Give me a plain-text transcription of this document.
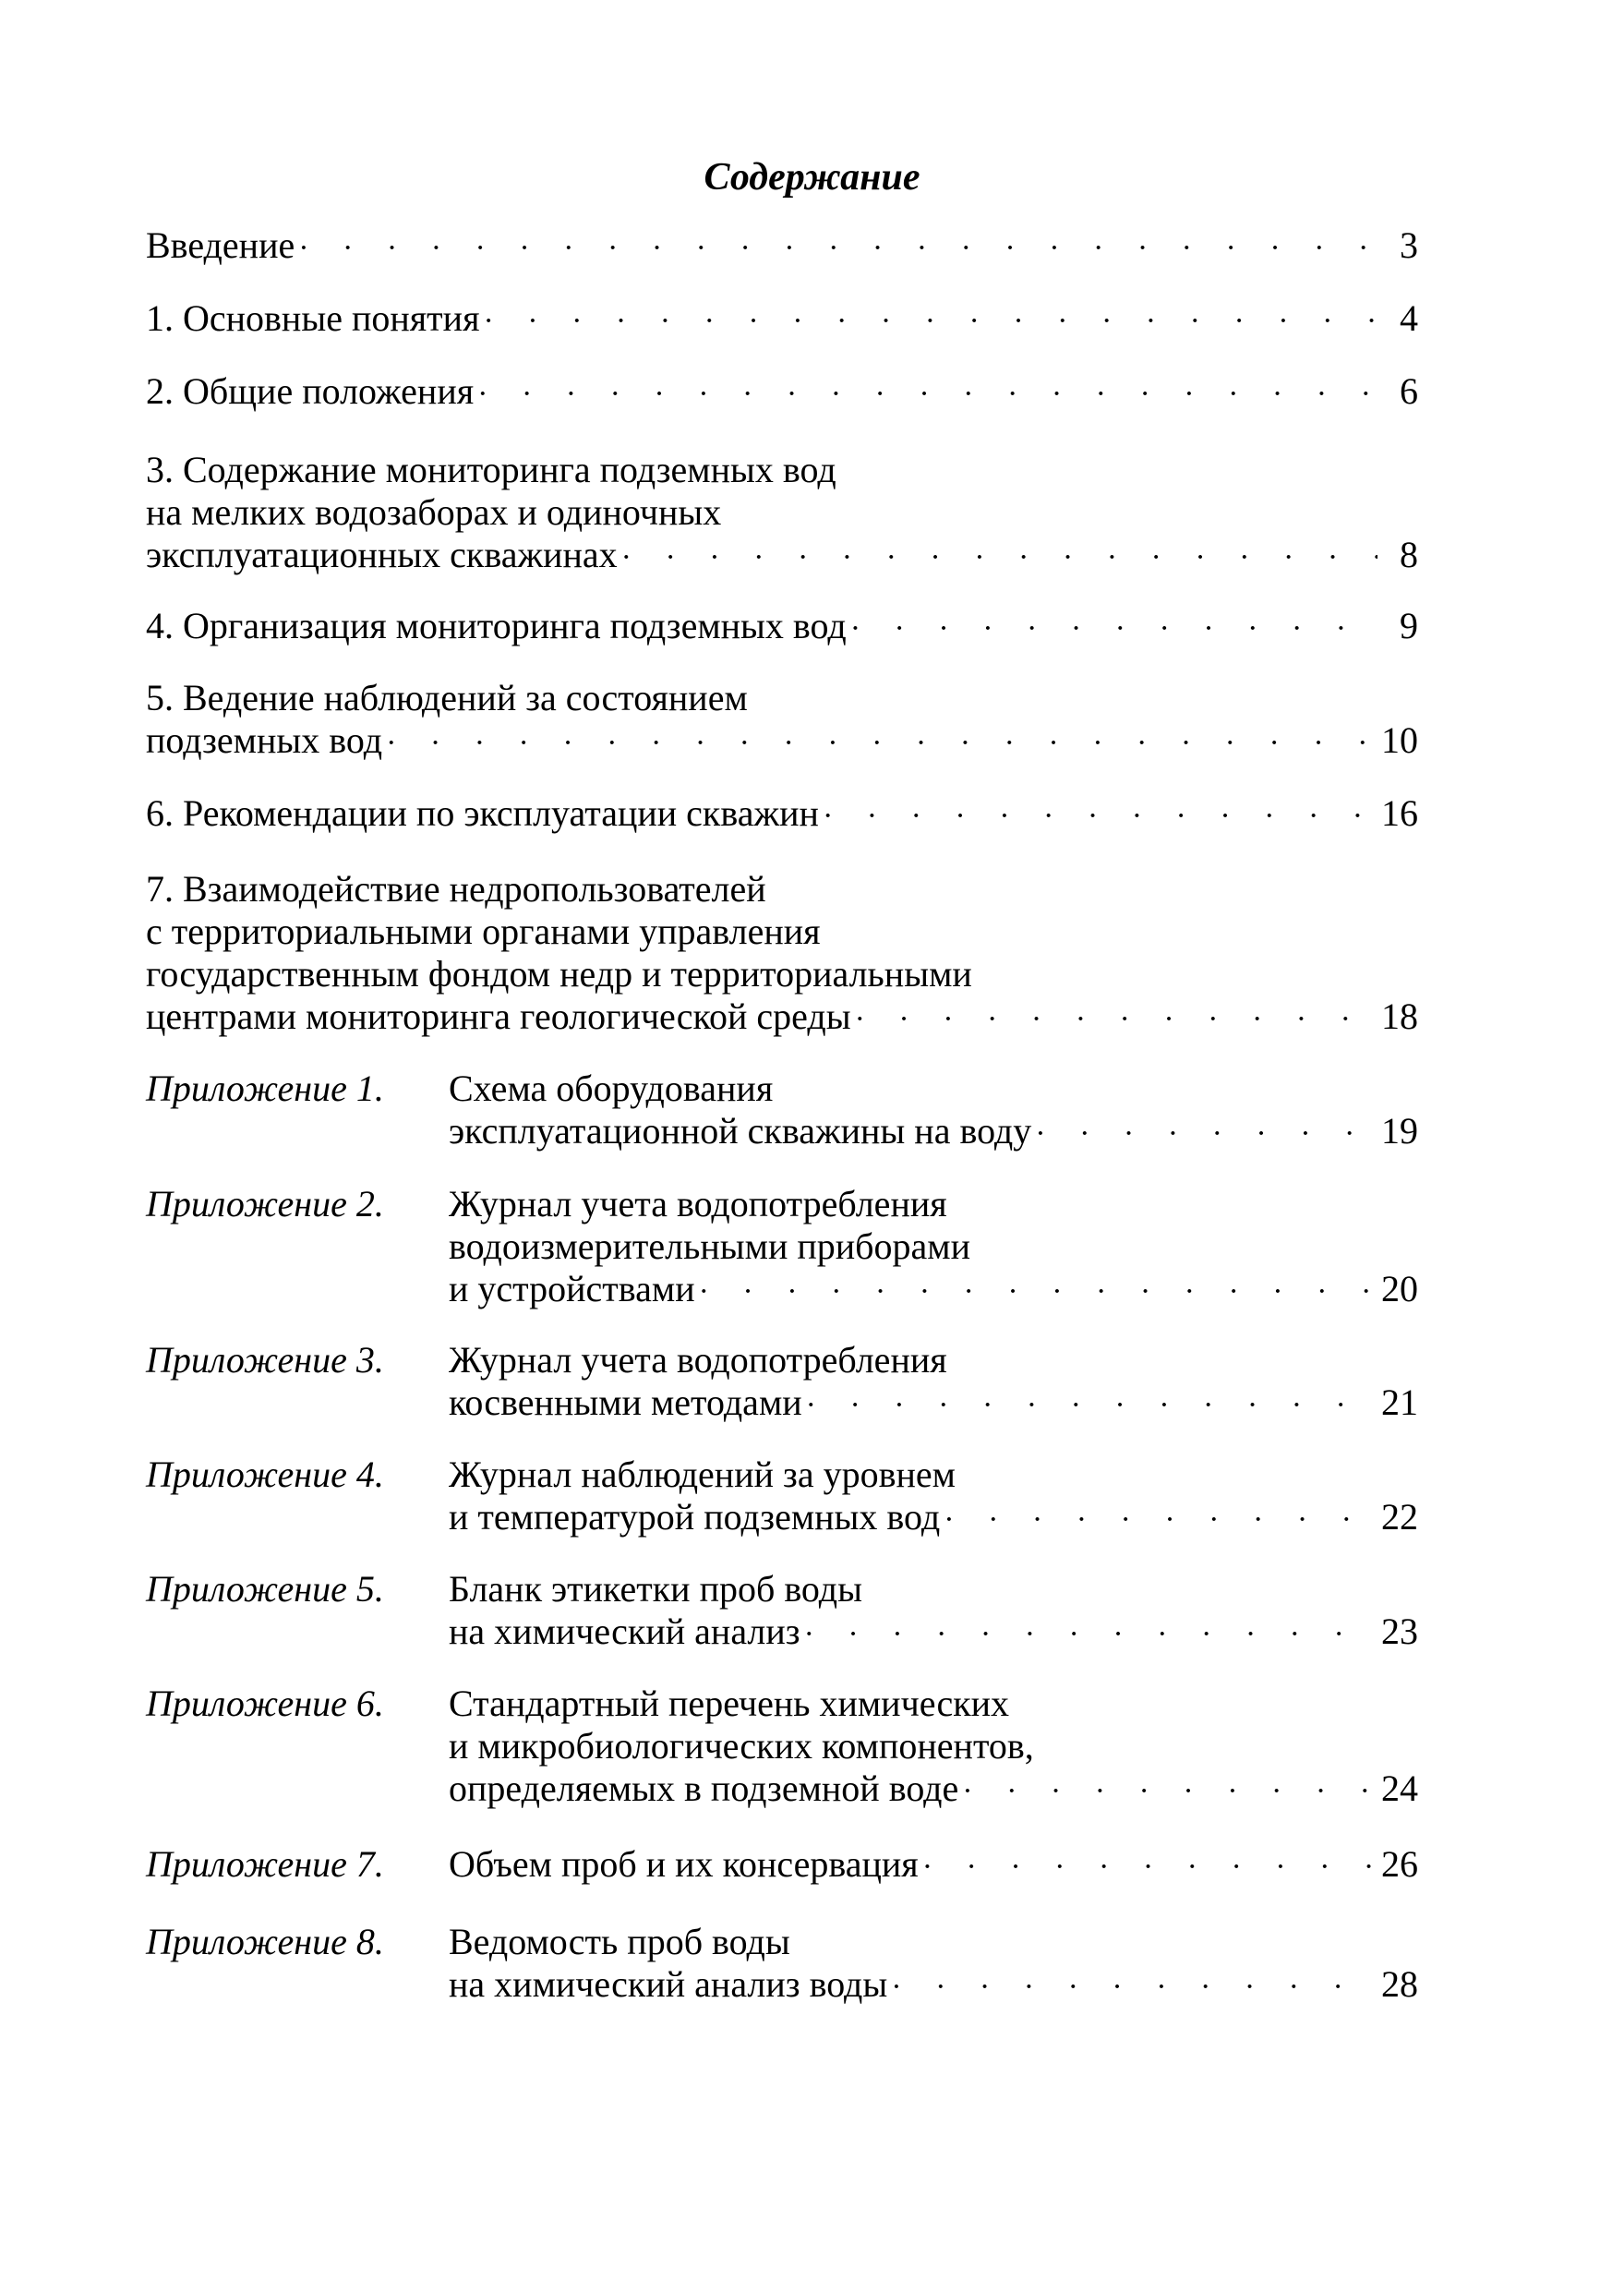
Содержание
Введение · · ·	3
1. Основные понятия · · ·	4
2. Общие положения · · ·	6
3. Содержание мониторинга подземных вод
на мелких водозаборах и одиночных
эксплуатационных скважинах · · ·	8
4. Организация мониторинга подземных вод · · ·	9
5. Ведение наблюдений за состоянием
подземных вод · · ·	10
6. Рекомендации по эксплуатации скважин · · ·	16
7. Взаимодействие недропользователей
с территориальными органами управления
государственным фондом недр и территориальными
центрами мониторинга геологической среды · · ·	18
Приложение 1. Схема оборудования
эксплуатационной скважины на воду · · ·	19
Приложение 2. Журнал учета водопотребления
водоизмерительными приборами
и устройствами · · ·	20
Приложение 3. Журнал учета водопотребления
косвенными методами · · ·	21
Приложение 4. Журнал наблюдений за уровнем
и температурой подземных вод · · ·	22
Приложение 5. Бланк этикетки проб воды
на химический анализ · · ·	23
Приложение 6. Стандартный перечень химических
и микробиологических компонентов,
определяемых в подземной воде · · ·	24
Приложение 7. Объем проб и их консервация · · ·	26
Приложение 8. Ведомость проб воды
на химический анализ воды · · ·	28
